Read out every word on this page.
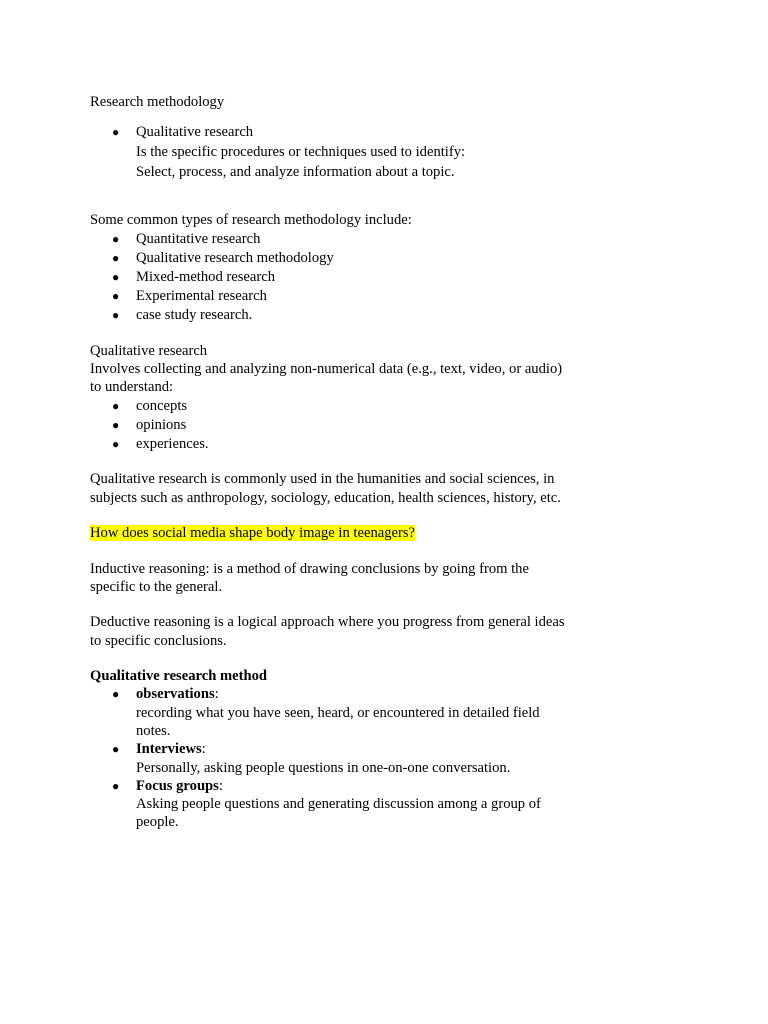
Research methodology
● Qualitative research
Is the specific procedures or techniques used to identify:
Select, process, and analyze information about a topic.
Some common types of research methodology include:
● Quantitative research
● Qualitative research methodology
● Mixed-method research
● Experimental research
● case study research.
Qualitative research
Involves collecting and analyzing non-numerical data (e.g., text, video, or audio)
to understand:
● concepts
● opinions
● experiences.
Qualitative research is commonly used in the humanities and social sciences, in
subjects such as anthropology, sociology, education, health sciences, history, etc.
How does social media shape body image in teenagers?
Inductive reasoning: is a method of drawing conclusions by going from the
specific to the general.
Deductive reasoning is a logical approach where you progress from general ideas
to specific conclusions.
Qualitative research method
● observations:
recording what you have seen, heard, or encountered in detailed field
notes.
● Interviews:
Personally, asking people questions in one-on-one conversation.
● Focus groups:
Asking people questions and generating discussion among a group of
people.
